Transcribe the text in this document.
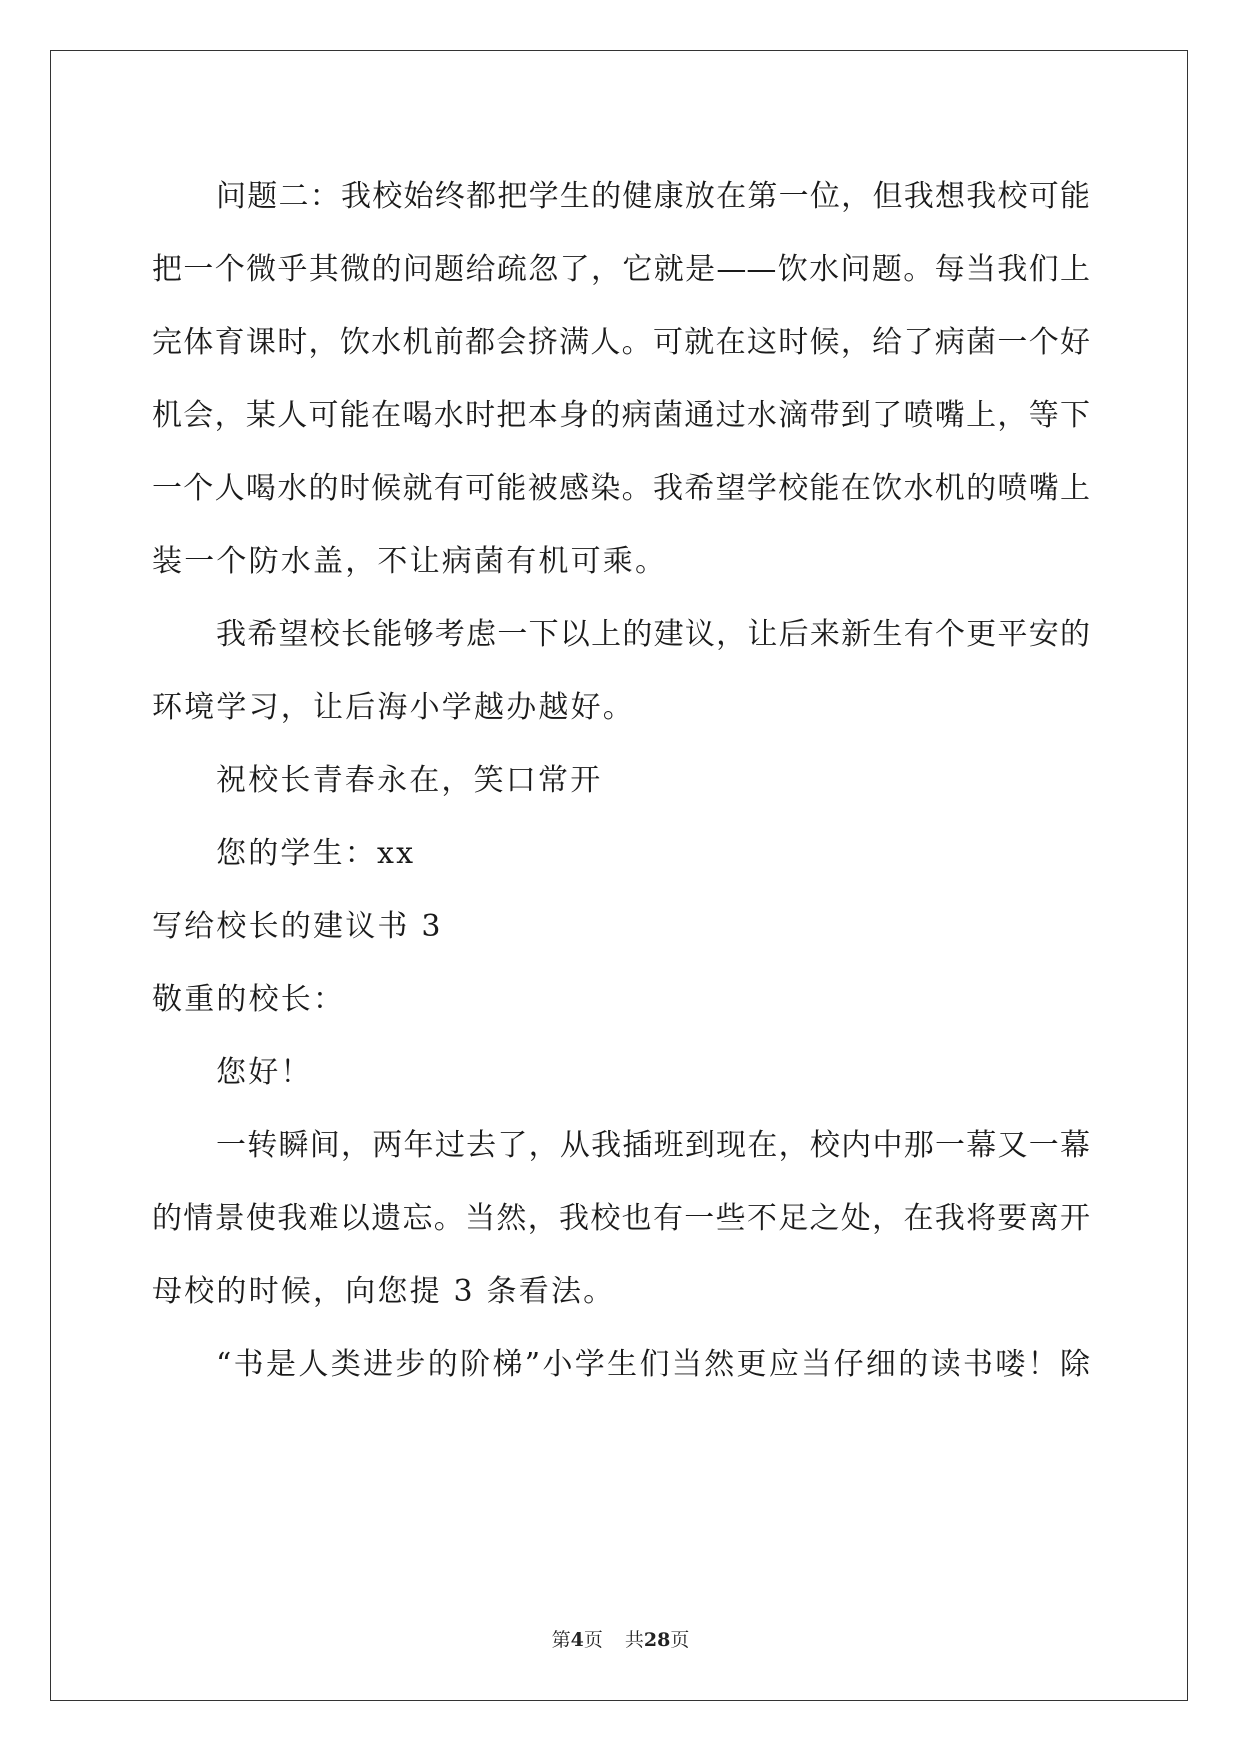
问题二：我校始终都把学生的健康放在第一位，但我想我校可能
把一个微乎其微的问题给疏忽了，它就是——饮水问题。每当我们上
完体育课时，饮水机前都会挤满人。可就在这时候，给了病菌一个好
机会，某人可能在喝水时把本身的病菌通过水滴带到了喷嘴上，等下
一个人喝水的时候就有可能被感染。我希望学校能在饮水机的喷嘴上
装一个防水盖，不让病菌有机可乘。
我希望校长能够考虑一下以上的建议，让后来新生有个更平安的
环境学习，让后海小学越办越好。
祝校长青春永在，笑口常开
您的学生：xx
写给校长的建议书 3
敬重的校长：
您好！
一转瞬间，两年过去了，从我插班到现在，校内中那一幕又一幕
的情景使我难以遗忘。当然，我校也有一些不足之处，在我将要离开
母校的时候，向您提 3 条看法。
“书是人类进步的阶梯”小学生们当然更应当仔细的读书喽！除
第4页 共28页
